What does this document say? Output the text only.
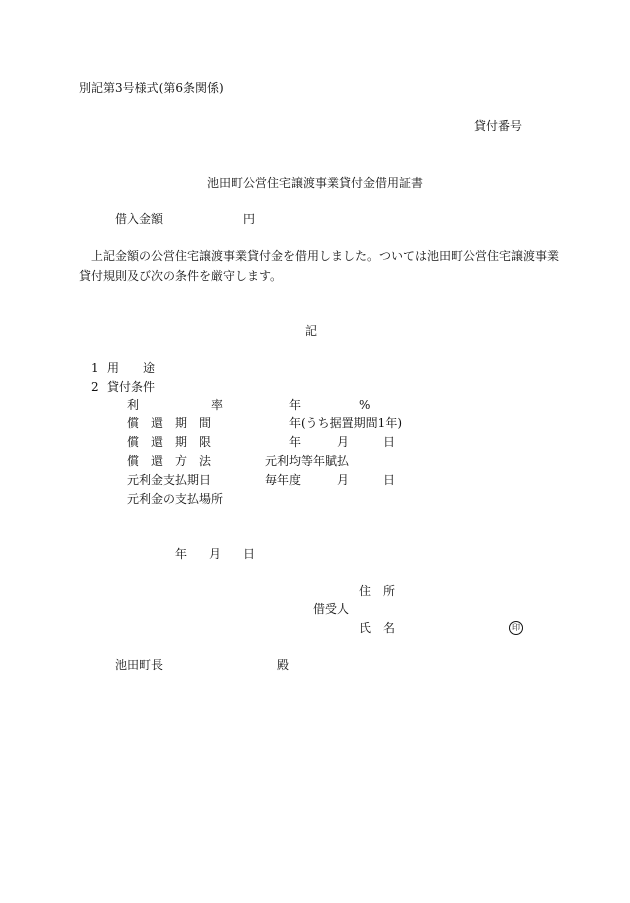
別記第3号様式(第6条関係)
貸付番号
池田町公営住宅譲渡事業貸付金借用証書
借入金額	円
上記金額の公営住宅譲渡事業貸付金を借用しました。ついては池田町公営住宅譲渡事業
貸付規則及び次の条件を厳守します。
記
1 用　　途
2 貸付条件
利　　　　　　率	年	%
償　還　期　間	年(うち据置期間1年)
償　還　期　限	年	月	日
償　還　方　法	元利均等年賦払
元利金支払期日	毎年度	月	日
元利金の支払場所
年 月 日
住　所
借受人
氏　名	印
池田町長	殿
